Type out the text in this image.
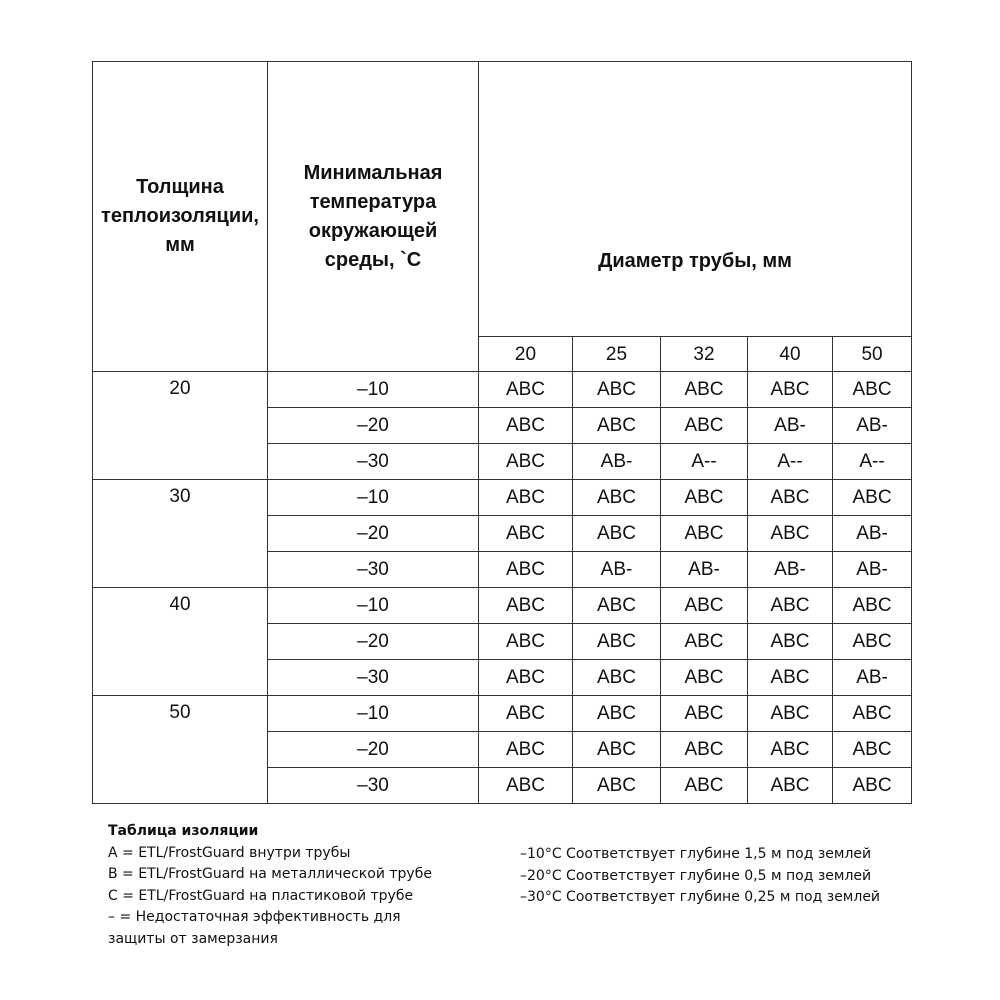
Толщина теплоизоляции, мм	Минимальная температура окружающей среды, `C	Диаметр трубы, мм				
		20	25	32	40	50
20	–10	ABC	ABC	ABC	ABC	ABC
	–20	ABC	ABC	ABC	AB-	AB-
	–30	ABC	AB-	A--	A--	A--
30	–10	ABC	ABC	ABC	ABC	ABC
	–20	ABC	ABC	ABC	ABC	AB-
	–30	ABC	AB-	AB-	AB-	AB-
40	–10	ABC	ABC	ABC	ABC	ABC
	–20	ABC	ABC	ABC	ABC	ABC
	–30	ABC	ABC	ABC	ABC	AB-
50	–10	ABC	ABC	ABC	ABC	ABC
	–20	ABC	ABC	ABC	ABC	ABC
	–30	ABC	ABC	ABC	ABC	ABC
Таблица изоляции
A = ETL/FrostGuard внутри трубы
B = ETL/FrostGuard на металлической трубе
C = ETL/FrostGuard на пластиковой трубе
– = Недостаточная эффективность для
защиты от замерзания
–10°C Соответствует глубине 1,5 м под землей
–20°C Соответствует глубине 0,5 м под землей
–30°C Соответствует глубине 0,25 м под землей
